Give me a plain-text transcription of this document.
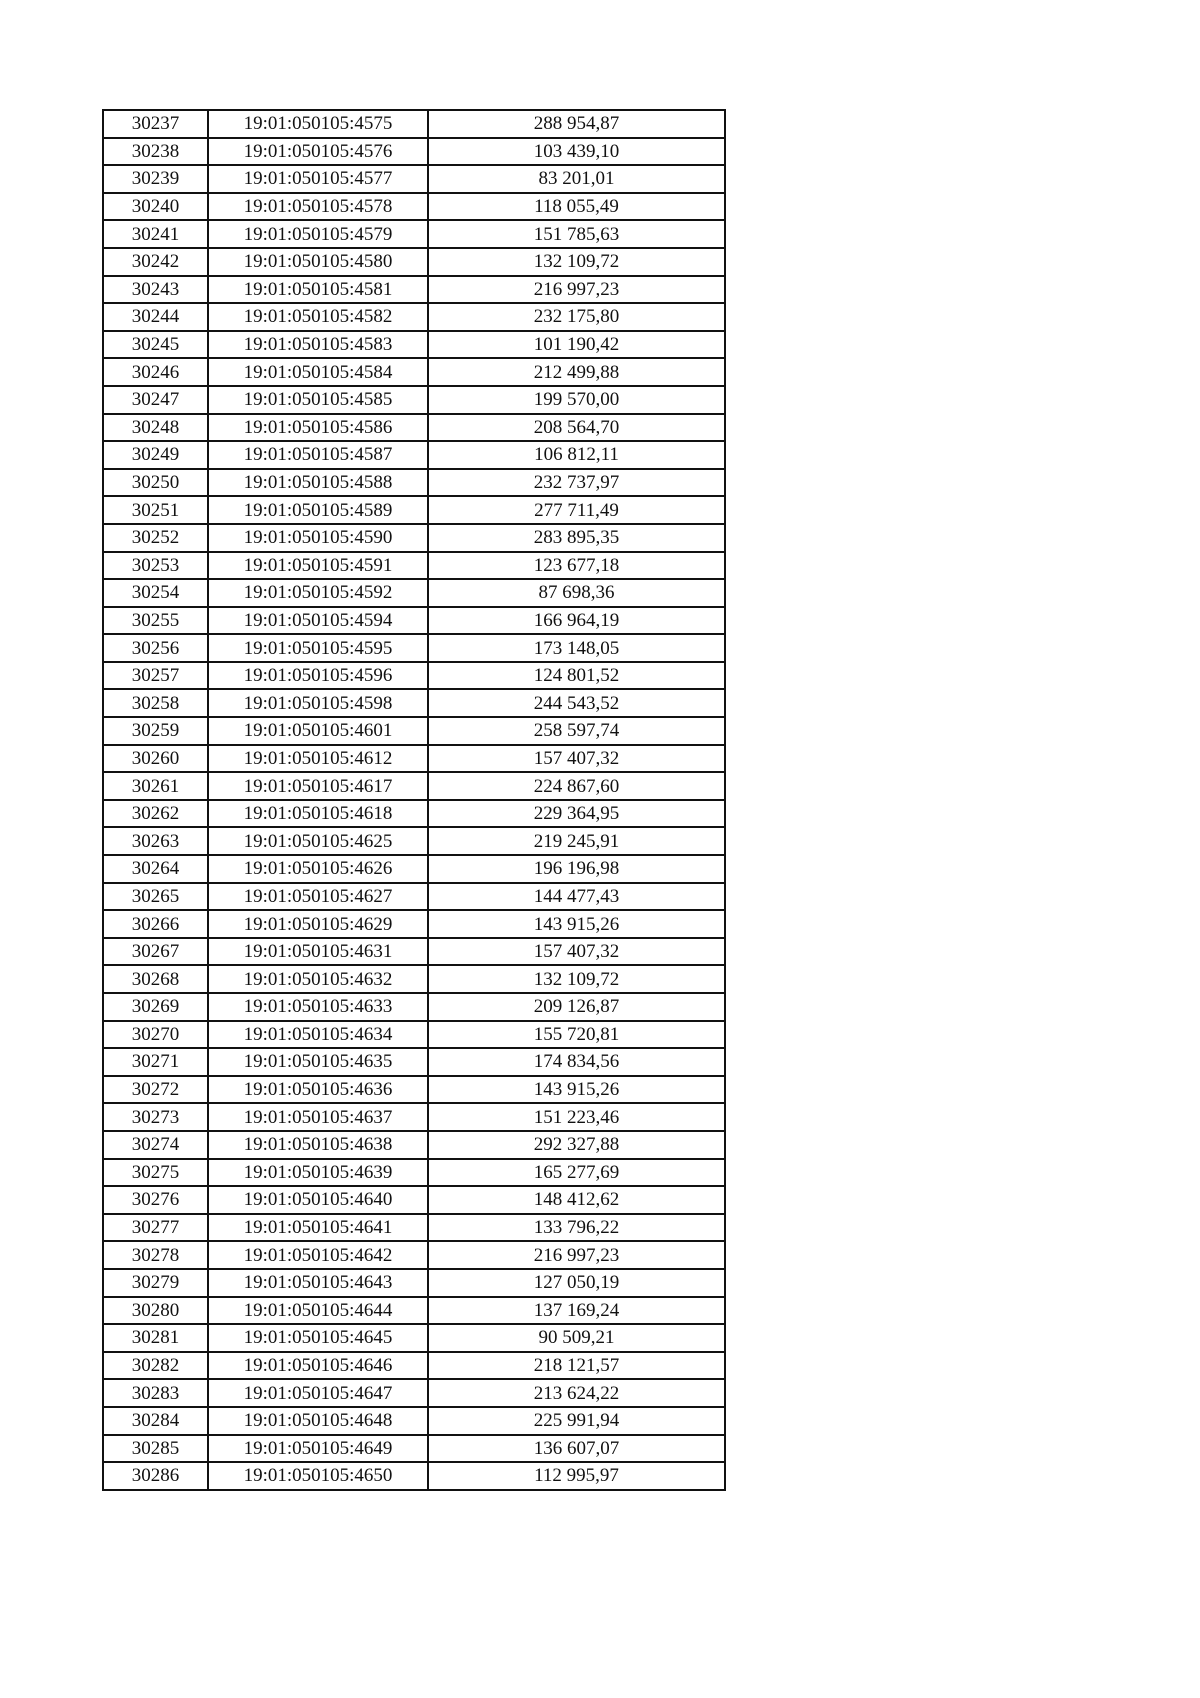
30237	19:01:050105:4575	288 954,87
30238	19:01:050105:4576	103 439,10
30239	19:01:050105:4577	83 201,01
30240	19:01:050105:4578	118 055,49
30241	19:01:050105:4579	151 785,63
30242	19:01:050105:4580	132 109,72
30243	19:01:050105:4581	216 997,23
30244	19:01:050105:4582	232 175,80
30245	19:01:050105:4583	101 190,42
30246	19:01:050105:4584	212 499,88
30247	19:01:050105:4585	199 570,00
30248	19:01:050105:4586	208 564,70
30249	19:01:050105:4587	106 812,11
30250	19:01:050105:4588	232 737,97
30251	19:01:050105:4589	277 711,49
30252	19:01:050105:4590	283 895,35
30253	19:01:050105:4591	123 677,18
30254	19:01:050105:4592	87 698,36
30255	19:01:050105:4594	166 964,19
30256	19:01:050105:4595	173 148,05
30257	19:01:050105:4596	124 801,52
30258	19:01:050105:4598	244 543,52
30259	19:01:050105:4601	258 597,74
30260	19:01:050105:4612	157 407,32
30261	19:01:050105:4617	224 867,60
30262	19:01:050105:4618	229 364,95
30263	19:01:050105:4625	219 245,91
30264	19:01:050105:4626	196 196,98
30265	19:01:050105:4627	144 477,43
30266	19:01:050105:4629	143 915,26
30267	19:01:050105:4631	157 407,32
30268	19:01:050105:4632	132 109,72
30269	19:01:050105:4633	209 126,87
30270	19:01:050105:4634	155 720,81
30271	19:01:050105:4635	174 834,56
30272	19:01:050105:4636	143 915,26
30273	19:01:050105:4637	151 223,46
30274	19:01:050105:4638	292 327,88
30275	19:01:050105:4639	165 277,69
30276	19:01:050105:4640	148 412,62
30277	19:01:050105:4641	133 796,22
30278	19:01:050105:4642	216 997,23
30279	19:01:050105:4643	127 050,19
30280	19:01:050105:4644	137 169,24
30281	19:01:050105:4645	90 509,21
30282	19:01:050105:4646	218 121,57
30283	19:01:050105:4647	213 624,22
30284	19:01:050105:4648	225 991,94
30285	19:01:050105:4649	136 607,07
30286	19:01:050105:4650	112 995,97
